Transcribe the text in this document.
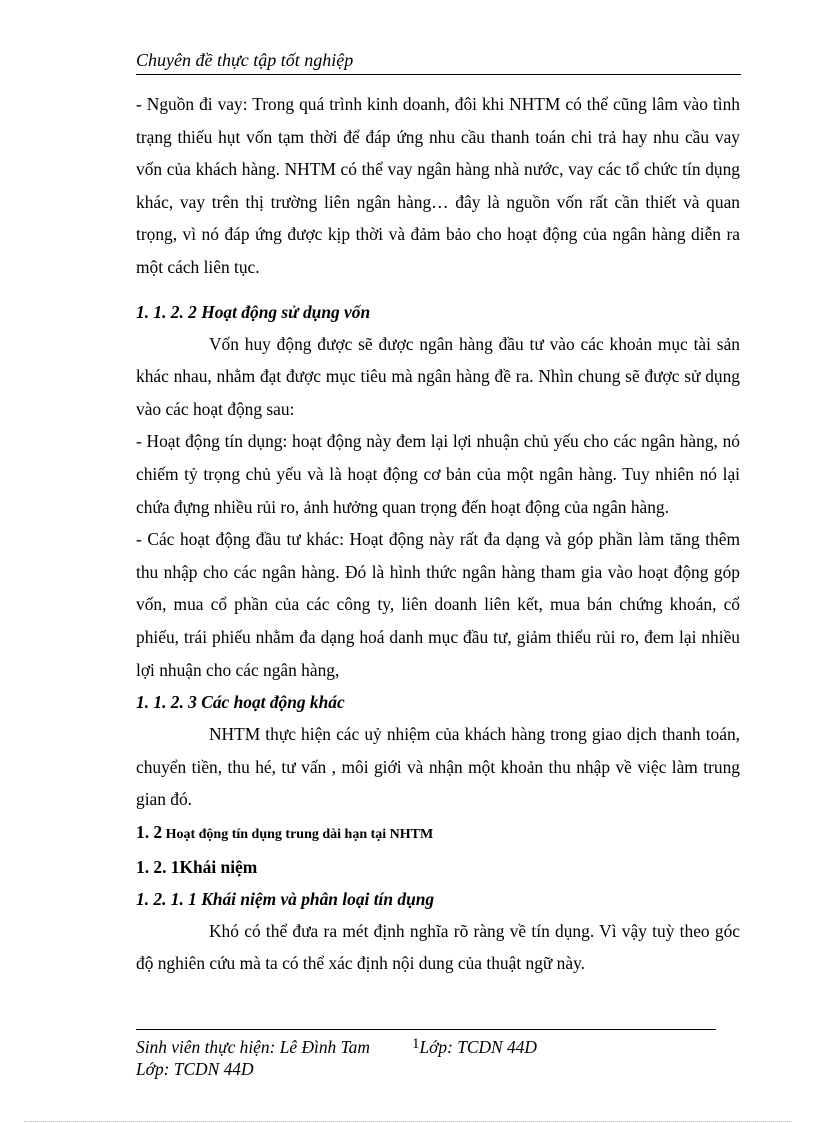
Chuyên đề thực tập tốt nghiệp

- Nguồn đi vay: Trong quá trình kinh doanh, đôi khi NHTM có thể cũng lâm vào tình trạng thiếu hụt vốn tạm thời để đáp ứng nhu cầu thanh toán chi trả hay nhu cầu vay vốn của khách hàng. NHTM có thể vay ngân hàng nhà nước, vay các tổ chức tín dụng khác, vay trên thị trường liên ngân hàng… đây là nguồn vốn rất cần thiết và quan trọng, vì nó đáp ứng được kịp thời và đảm bảo cho hoạt động của ngân hàng diễn ra một cách liên tục.

1. 1. 2. 2 Hoạt động sử dụng vốn

Vốn huy động được sẽ được ngân hàng đầu tư vào các khoản mục tài sản khác nhau, nhằm đạt được mục tiêu mà ngân hàng đề ra. Nhìn chung sẽ được sử dụng vào các hoạt động sau:

- Hoạt động tín dụng: hoạt động này đem lại lợi nhuận chủ yếu cho các ngân hàng, nó chiếm tỷ trọng chủ yếu và là hoạt động cơ bản của một ngân hàng. Tuy nhiên nó lại chứa đựng nhiều rủi ro, ảnh hưởng quan trọng đến hoạt động của ngân hàng.

- Các hoạt động đầu tư khác: Hoạt động này rất đa dạng và góp phần làm tăng thêm thu nhập cho các ngân hàng. Đó là hình thức ngân hàng tham gia vào hoạt động góp vốn, mua cổ phần của các công ty, liên doanh liên kết, mua bán chứng khoán, cổ phiếu, trái phiếu nhằm đa dạng hoá danh mục đầu tư, giảm thiểu rủi ro, đem lại nhiều lợi nhuận cho các ngân hàng,

1. 1. 2. 3 Các hoạt động khác

NHTM thực hiện các uỷ nhiệm của khách hàng trong giao dịch thanh toán, chuyển tiền, thu hé, tư vấn , môi giới và nhận một khoản thu nhập về việc làm trung gian đó.

1. 2 Hoạt động tín dụng trung dài hạn tại NHTM
1. 2. 1Khái niệm
1. 2. 1. 1 Khái niệm và phân loại tín dụng

Khó có thể đưa ra mét định nghĩa rõ ràng về tín dụng. Vì vậy tuỳ theo góc độ nghiên cứu mà ta có thể xác định nội dung của thuật ngữ này.

Sinh viên thực hiện: Lê Đình Tam	1Lớp: TCDN 44D
Lớp: TCDN 44D
